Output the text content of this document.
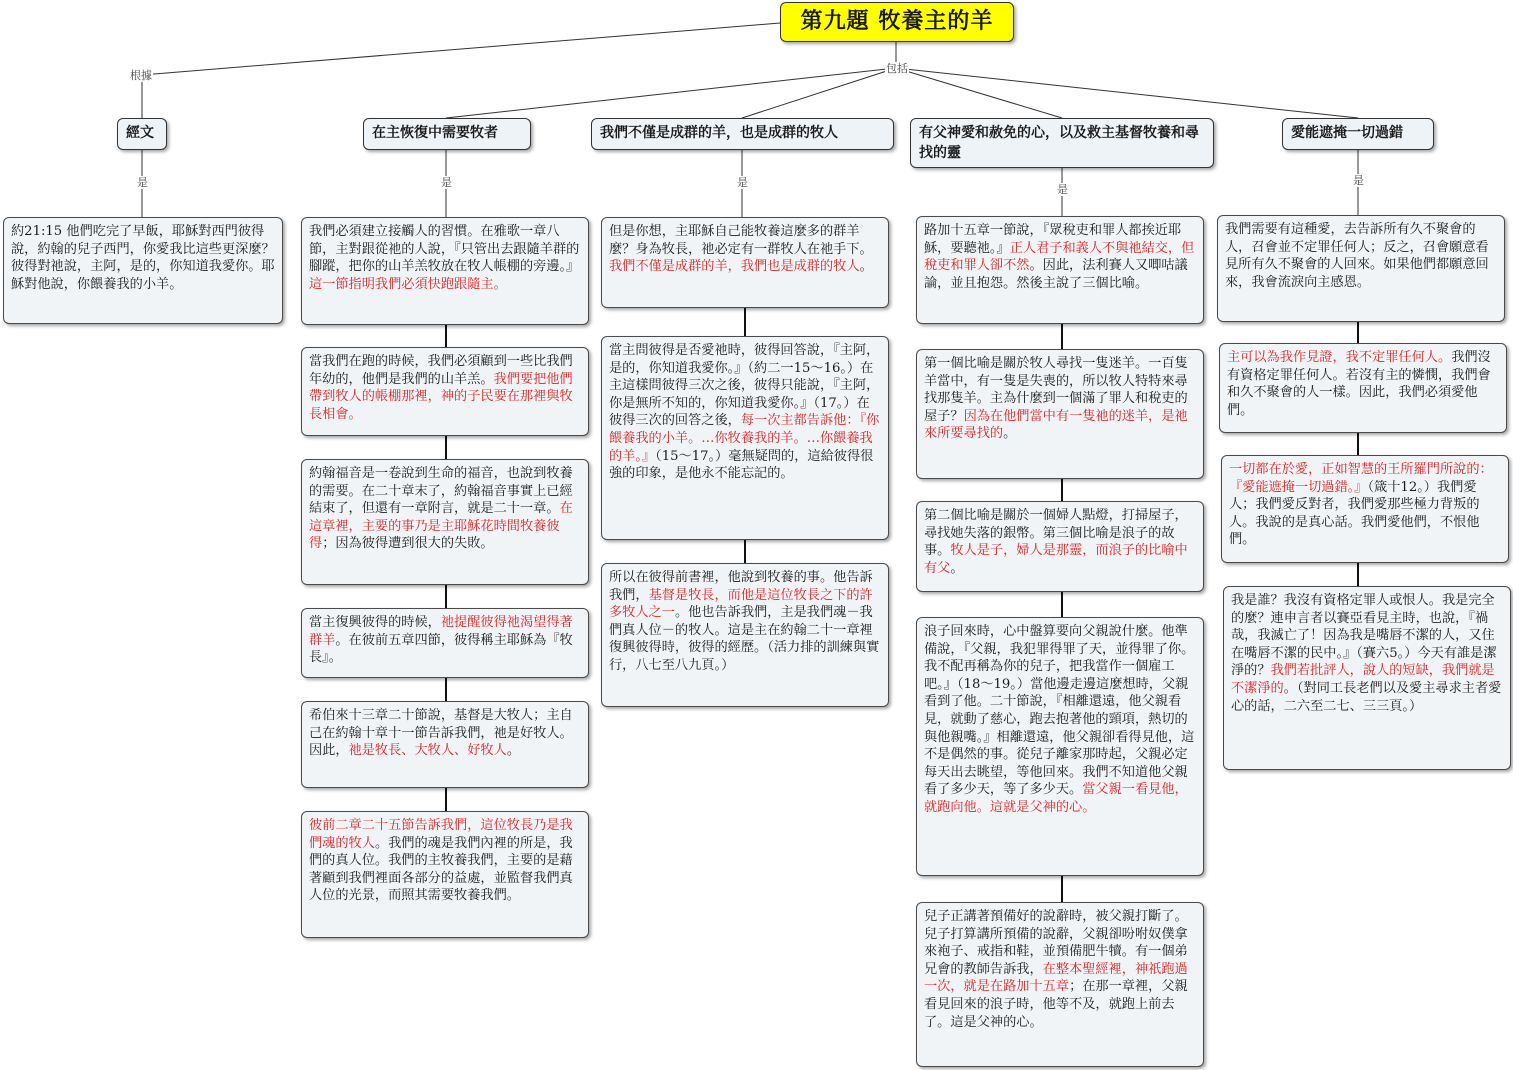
第九題 牧養主的羊
根據
包括
是	是	是
是
是
經文	在主恢復中需要牧者	我們不僅是成群的羊，也是成群的牧人	有父神愛和赦免的心，以及救主基督牧養和尋找的靈
愛能遮掩一切過錯
約21:15 他們吃完了早飯，耶穌對西門彼得說，約翰的兒子西門，你愛我比這些更深麼？彼得對祂說，主阿，是的，你知道我愛你。耶穌對他說，你餵養我的小羊。
我們必須建立接觸人的習慣。在雅歌一章八節，主對跟從祂的人說，『只管出去跟隨羊群的腳蹤，把你的山羊羔牧放在牧人帳棚的旁邊。』這一節指明我們必須快跑跟隨主。
當我們在跑的時候，我們必須顧到一些比我們年幼的，他們是我們的山羊羔。我們要把他們帶到牧人的帳棚那裡，神的子民要在那裡與牧長相會。
約翰福音是一卷說到生命的福音，也說到牧養的需要。在二十章末了，約翰福音事實上已經結束了，但還有一章附言，就是二十一章。在這章裡，主要的事乃是主耶穌花時間牧養彼得；因為彼得遭到很大的失敗。
當主復興彼得的時候，祂提醒彼得祂渴望得著群羊。在彼前五章四節，彼得稱主耶穌為『牧長』。
希伯來十三章二十節說，基督是大牧人；主自己在約翰十章十一節告訴我們，祂是好牧人。因此，祂是牧長、大牧人、好牧人。
彼前二章二十五節告訴我們，這位牧長乃是我們魂的牧人。我們的魂是我們內裡的所是，我們的真人位。我們的主牧養我們，主要的是藉著顧到我們裡面各部分的益處，並監督我們真人位的光景，而照其需要牧養我們。
但是你想，主耶穌自己能牧養這麼多的群羊麼？身為牧長，祂必定有一群牧人在祂手下。我們不僅是成群的羊，我們也是成群的牧人。
當主問彼得是否愛祂時，彼得回答說，『主阿，是的，你知道我愛你。』（約二一15～16。）在主這樣問彼得三次之後，彼得只能說，『主阿，你是無所不知的，你知道我愛你。』（17。）在彼得三次的回答之後，每一次主都告訴他：『你餵養我的小羊。…你牧養我的羊。…你餵養我的羊。』（15～17。）毫無疑問的，這給彼得很強的印象，是他永不能忘記的。
所以在彼得前書裡，他說到牧養的事。他告訴我們，基督是牧長，而他是這位牧長之下的許多牧人之一。他也告訴我們，主是我們魂－我們真人位－的牧人。這是主在約翰二十一章裡復興彼得時，彼得的經歷。（活力排的訓練與實行，八七至八九頁。）
路加十五章一節說，『眾稅吏和罪人都挨近耶穌，要聽祂。』正人君子和義人不與祂結交，但稅吏和罪人卻不然。因此，法利賽人又唧咕議論，並且抱怨。然後主說了三個比喻。
第一個比喻是關於牧人尋找一隻迷羊。一百隻羊當中，有一隻是失喪的，所以牧人特特來尋找那隻羊。主為什麼到一個滿了罪人和稅吏的屋子？因為在他們當中有一隻祂的迷羊，是祂來所要尋找的。
第二個比喻是關於一個婦人點燈，打掃屋子，尋找她失落的銀幣。第三個比喻是浪子的故事。牧人是子，婦人是那靈，而浪子的比喻中有父。
浪子回來時，心中盤算要向父親說什麼。他準備說，『父親，我犯罪得罪了天，並得罪了你。我不配再稱為你的兒子，把我當作一個雇工吧。』（18～19。）當他邊走邊這麼想時，父親看到了他。二十節說，『相離還遠，他父親看見，就動了慈心，跑去抱著他的頸項，熱切的與他親嘴。』相離還遠，他父親卻看得見他，這不是偶然的事。從兒子離家那時起，父親必定每天出去眺望，等他回來。我們不知道他父親看了多少天，等了多少天。當父親一看見他，就跑向他。這就是父神的心。
兒子正講著預備好的說辭時，被父親打斷了。兒子打算講所預備的說辭，父親卻吩咐奴僕拿來袍子、戒指和鞋，並預備肥牛犢。有一個弟兄會的教師告訴我，在整本聖經裡，神祇跑過一次，就是在路加十五章；在那一章裡，父親看見回來的浪子時，他等不及，就跑上前去了。這是父神的心。
我們需要有這種愛，去告訴所有久不聚會的人，召會並不定罪任何人；反之，召會願意看見所有久不聚會的人回來。如果他們都願意回來，我會流淚向主感恩。
主可以為我作見證，我不定罪任何人。我們沒有資格定罪任何人。若沒有主的憐憫，我們會和久不聚會的人一樣。因此，我們必須愛他們。
一切都在於愛，正如智慧的王所羅門所說的：『愛能遮掩一切過錯。』（箴十12。）我們愛人；我們愛反對者，我們愛那些極力背叛的人。我說的是真心話。我們愛他們，不恨他們。
我是誰？我沒有資格定罪人或恨人。我是完全的麼？連申言者以賽亞看見主時，也說，『禍哉，我滅亡了！因為我是嘴唇不潔的人，又住在嘴唇不潔的民中。』（賽六5。）今天有誰是潔淨的？我們若批評人，說人的短缺，我們就是不潔淨的。（對同工長老們以及愛主尋求主者愛心的話，二六至二七、三三頁。）
